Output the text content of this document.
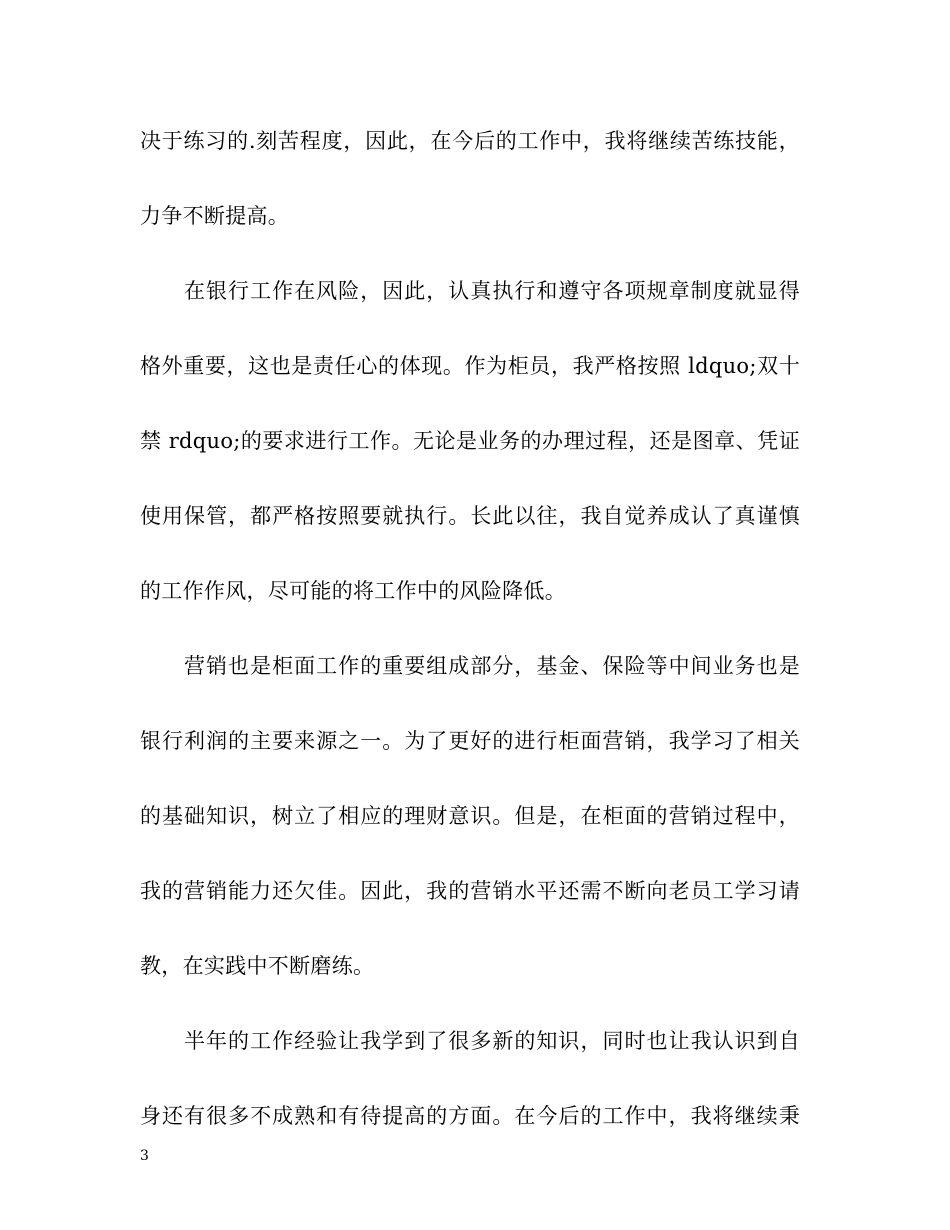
决于练习的.刻苦程度，因此，在今后的工作中，我将继续苦练技能，
力争不断提高。
在银行工作在风险，因此，认真执行和遵守各项规章制度就显得
格外重要，这也是责任心的体现。作为柜员，我严格按照 ldquo;双十
禁 rdquo;的要求进行工作。无论是业务的办理过程，还是图章、凭证
使用保管，都严格按照要就执行。长此以往，我自觉养成认了真谨慎
的工作作风，尽可能的将工作中的风险降低。
营销也是柜面工作的重要组成部分，基金、保险等中间业务也是
银行利润的主要来源之一。为了更好的进行柜面营销，我学习了相关
的基础知识，树立了相应的理财意识。但是，在柜面的营销过程中，
我的营销能力还欠佳。因此，我的营销水平还需不断向老员工学习请
教，在实践中不断磨练。
半年的工作经验让我学到了很多新的知识，同时也让我认识到自
身还有很多不成熟和有待提高的方面。在今后的工作中，我将继续秉
3
